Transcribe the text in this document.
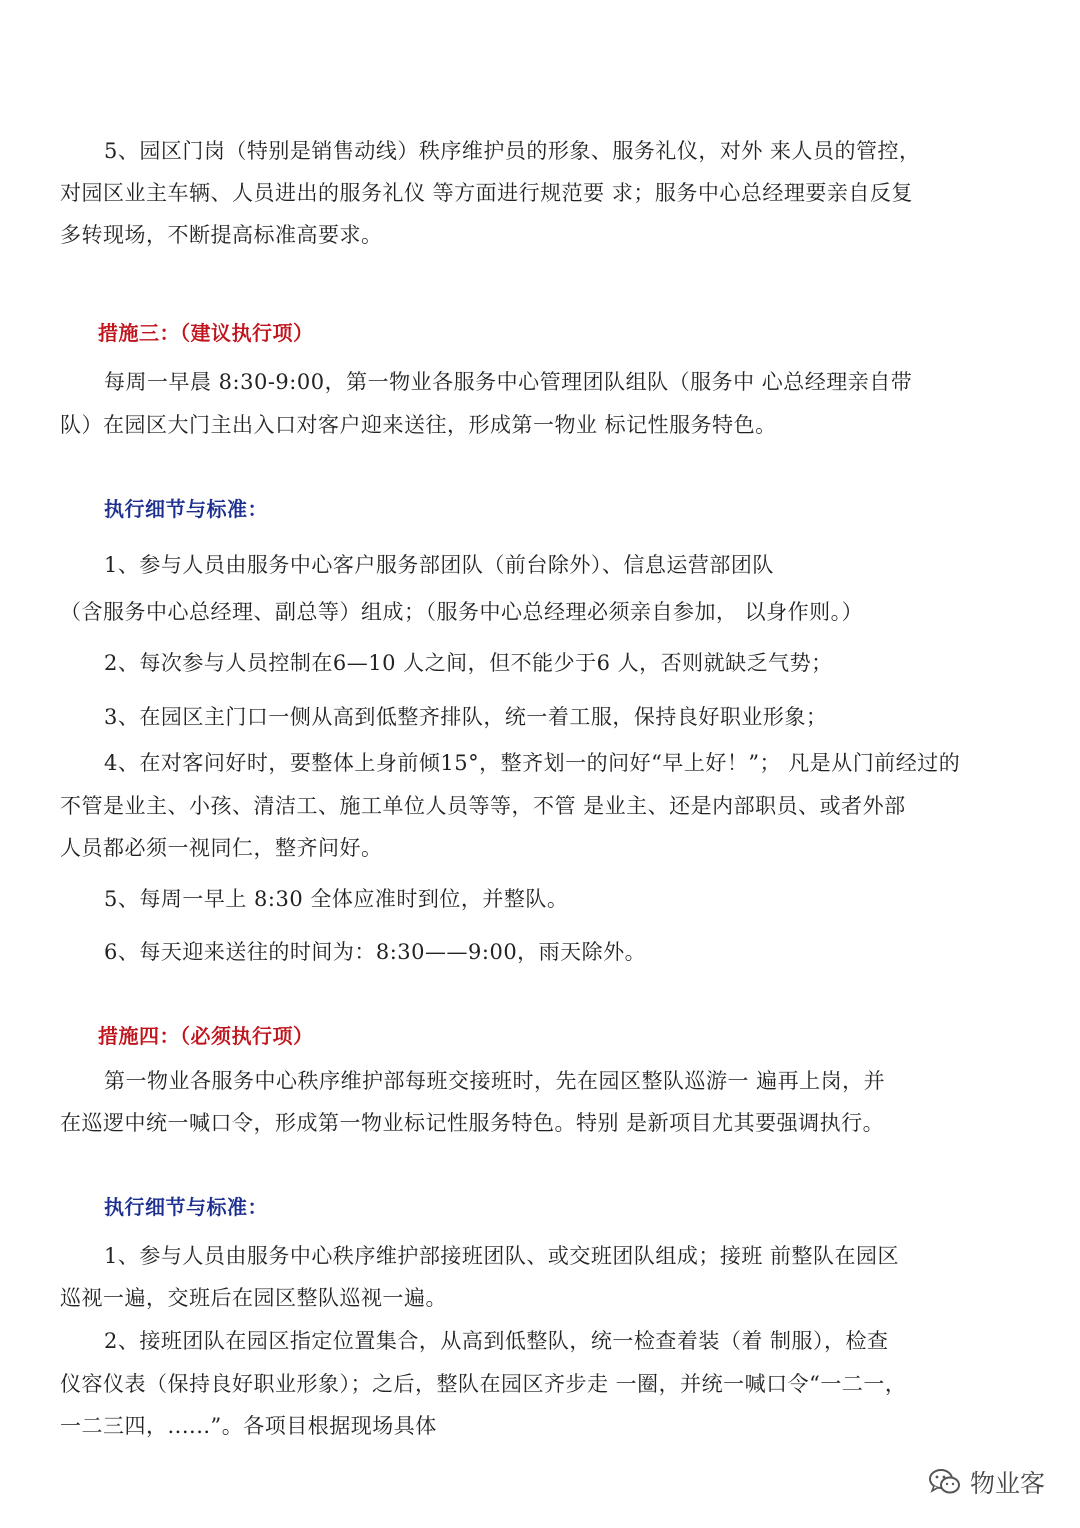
5、园区门岗（特别是销售动线）秩序维护员的形象、服务礼仪，对外 来人员的管控，

对园区业主车辆、人员进出的服务礼仪 等方面进行规范要 求；服务中心总经理要亲自反复

多转现场，不断提高标准高要求。

措施三：（建议执行项）

每周一早晨 8:30-9:00，第一物业各服务中心管理团队组队（服务中 心总经理亲自带

队）在园区大门主出入口对客户迎来送往，形成第一物业 标记性服务特色。

执行细节与标准：

1、参与人员由服务中心客户服务部团队（前台除外）、信息运营部团队

（含服务中心总经理、副总等）组成；（服务中心总经理必须亲自参加， 以身作则。）

2、每次参与人员控制在6—10 人之间，但不能少于6 人，否则就缺乏气势；

3、在园区主门口一侧从高到低整齐排队，统一着工服，保持良好职业形象；

4、在对客问好时，要整体上身前倾15°，整齐划一的问好“早上好！”； 凡是从门前经过的

不管是业主、小孩、清洁工、施工单位人员等等，不管 是业主、还是内部职员、或者外部

人员都必须一视同仁，整齐问好。

5、每周一早上 8:30 全体应准时到位，并整队。

6、每天迎来送往的时间为：8:30——9:00，雨天除外。

措施四：（必须执行项）

第一物业各服务中心秩序维护部每班交接班时，先在园区整队巡游一 遍再上岗，并

在巡逻中统一喊口令，形成第一物业标记性服务特色。特别 是新项目尤其要强调执行。

执行细节与标准：

1、参与人员由服务中心秩序维护部接班团队、或交班团队组成；接班 前整队在园区

巡视一遍，交班后在园区整队巡视一遍。

2、接班团队在园区指定位置集合，从高到低整队，统一检查着装（着 制服），检查

仪容仪表（保持良好职业形象）；之后，整队在园区齐步走 一圈，并统一喊口令“一二一，

一二三四，......”。各项目根据现场具体

物业客
